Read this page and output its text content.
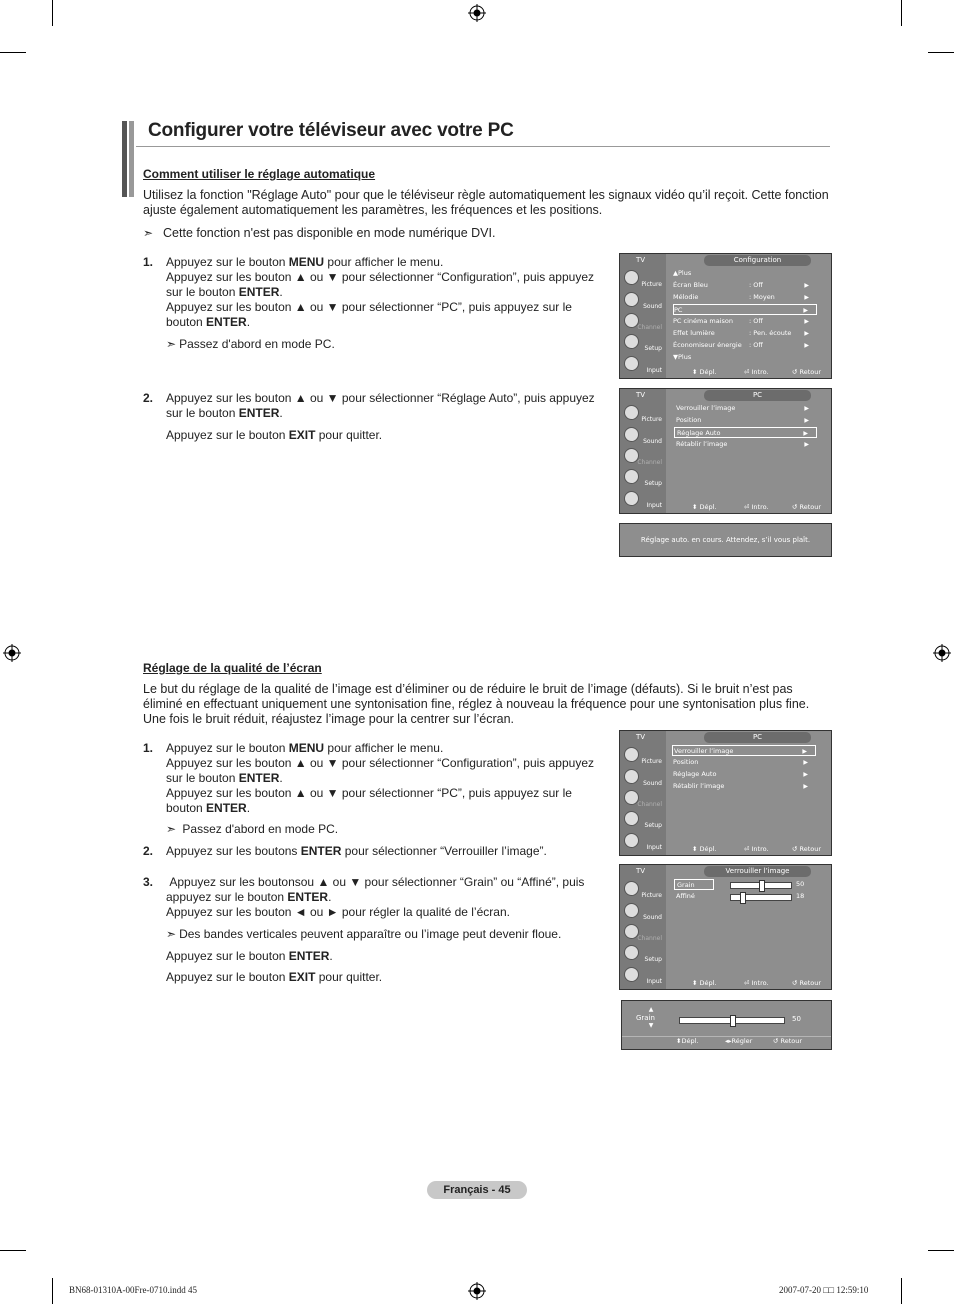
Configurer votre téléviseur avec votre PC
Comment utiliser le réglage automatique
Utilisez la fonction "Réglage Auto" pour que le téléviseur règle automatiquement les signaux vidéo qu’il reçoit. Cette fonction ajuste également automatiquement les paramètres, les fréquences et les positions.
➣ Cette fonction n'est pas disponible en mode numérique DVI.
1. Appuyez sur le bouton MENU pour afficher le menu.
Appuyez sur les bouton ▲ ou ▼ pour sélectionner “Configuration”, puis appuyez sur le bouton ENTER.
Appuyez sur les bouton ▲ ou ▼ pour sélectionner “PC”, puis appuyez sur le bouton ENTER.
➣ Passez d'abord en mode PC.
2. Appuyez sur les bouton ▲ ou ▼ pour sélectionner “Réglage Auto”, puis appuyez sur le bouton ENTER.
Appuyez sur le bouton EXIT pour quitter.
TV	Configuration
Picture
Sound
Channel
Setup
Input
▲Plus
Écran Bleu	: Off	▶
Mélodie	: Moyen	▶
PC	▶
PC cinéma maison : Off	▶
Effet lumière	: Pen. écoute ▶
Économiseur énergie : Off	▶
▼Plus
⬍ Dépl.	⏎ Intro.	↺ Retour
TV	PC
Picture
Sound
Channel
Setup
Input
Verrouiller l’image	▶
Position	▶
Réglage Auto	▶
Rétablir l’image	▶
⬍ Dépl.	⏎ Intro.	↺ Retour
Réglage auto. en cours. Attendez, s’il vous plaît.
Réglage de la qualité de l’écran
Le but du réglage de la qualité de l’image est d’éliminer ou de réduire le bruit de l’image (défauts). Si le bruit n’est pas éliminé en effectuant uniquement une syntonisation fine, réglez à nouveau la fréquence pour une syntonisation plus fine. Une fois le bruit réduit, réajustez l’image pour la centrer sur l’écran.
1. Appuyez sur le bouton MENU pour afficher le menu.
Appuyez sur les bouton ▲ ou ▼ pour sélectionner “Configuration”, puis appuyez sur le bouton ENTER.
Appuyez sur les bouton ▲ ou ▼ pour sélectionner “PC”, puis appuyez sur le bouton ENTER.
➣ Passez d'abord en mode PC.
2. Appuyez sur les boutons ENTER pour sélectionner “Verrouiller l’image”.
3. Appuyez sur les boutonsou ▲ ou ▼ pour sélectionner “Grain” ou “Affiné”, puis appuyez sur le bouton ENTER.
Appuyez sur les bouton ◄ ou ► pour régler la qualité de l’écran.
➣ Des bandes verticales peuvent apparaître ou l’image peut devenir floue.
Appuyez sur le bouton ENTER.
Appuyez sur le bouton EXIT pour quitter.
TV	PC
Picture
Sound
Channel
Setup
Input
Verrouiller l’image	▶
Position	▶
Réglage Auto	▶
Rétablir l’image	▶
⬍ Dépl.	⏎ Intro.	↺ Retour
TV	Verrouiller l’image
Picture
Sound
Channel
Setup
Input
Grain	50
Affiné	18
⬍ Dépl.	⏎ Intro.	↺ Retour
▲
Grain
▼
50
⬍Dépl.	◂▸Régler	↺ Retour
Français - 45
BN68-01310A-00Fre-0710.indd 45	2007-07-20 □□ 12:59:10
